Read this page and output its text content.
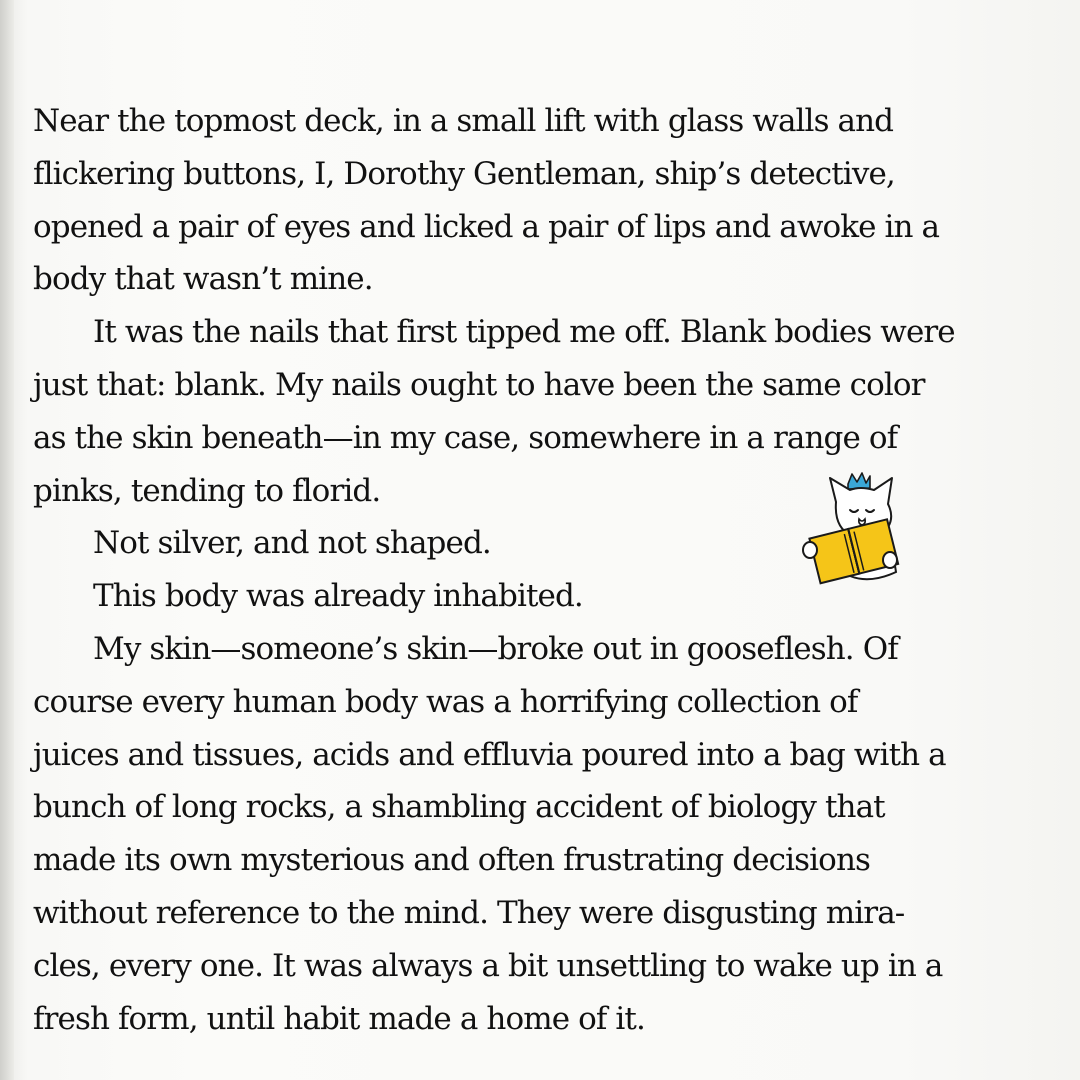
Near the topmost deck, in a small lift with glass walls and
flickering buttons, I, Dorothy Gentleman, ship’s detective,
opened a pair of eyes and licked a pair of lips and awoke in a
body that wasn’t mine.
It was the nails that first tipped me off. Blank bodies were
just that: blank. My nails ought to have been the same color
as the skin beneath—in my case, somewhere in a range of
pinks, tending to florid.
Not silver, and not shaped.
This body was already inhabited.
My skin—someone’s skin—broke out in gooseflesh. Of
course every human body was a horrifying collection of
juices and tissues, acids and effluvia poured into a bag with a
bunch of long rocks, a shambling accident of biology that
made its own mysterious and often frustrating decisions
without reference to the mind. They were disgusting mira-
cles, every one. It was always a bit unsettling to wake up in a
fresh form, until habit made a home of it.
